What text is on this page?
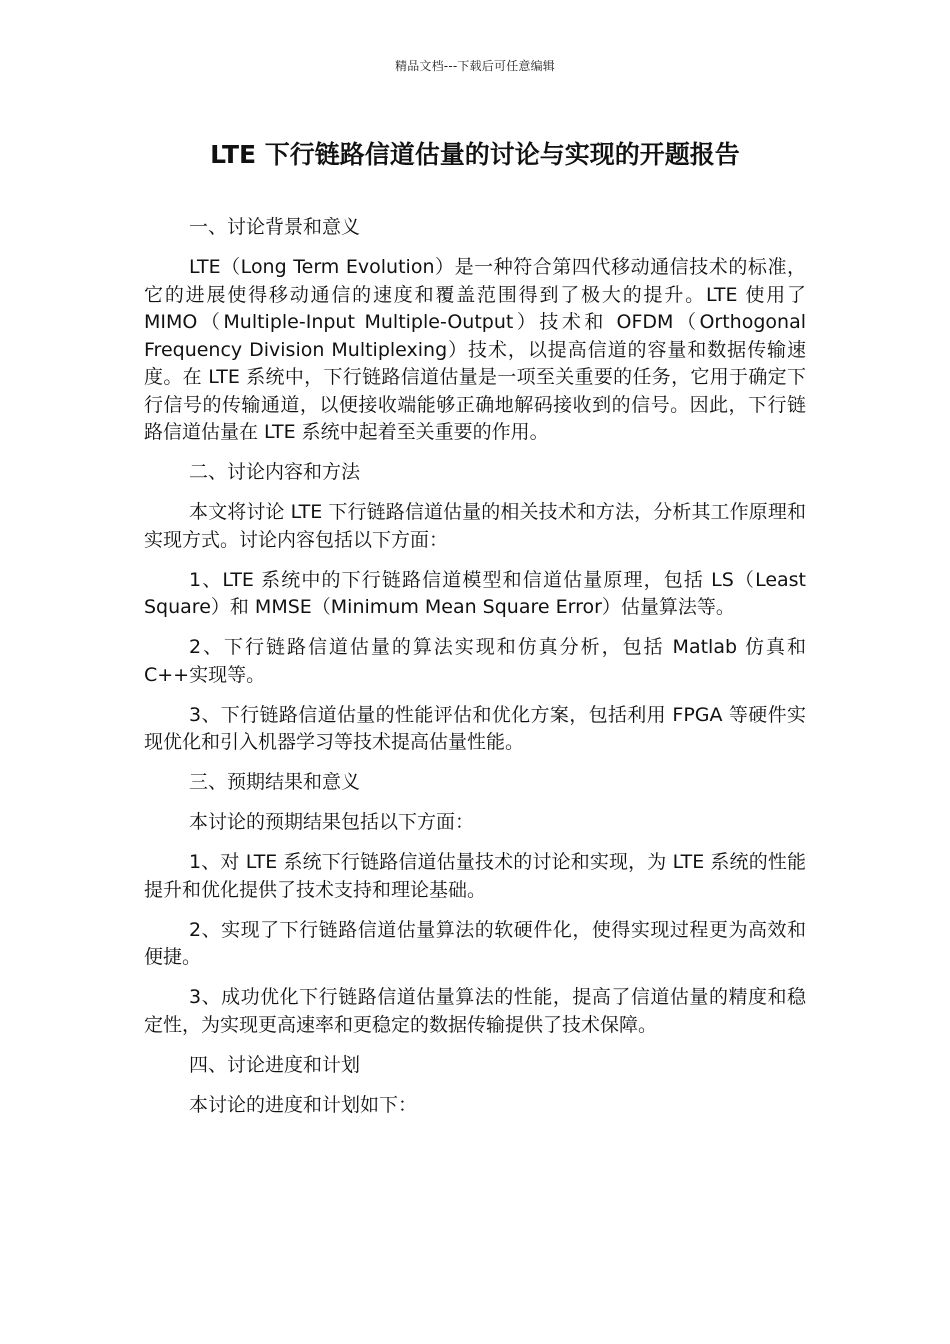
精品文档---下载后可任意编辑
LTE 下行链路信道估量的讨论与实现的开题报告

一、讨论背景和意义

LTE（Long Term Evolution）是一种符合第四代移动通信技术的标准，它的进展使得移动通信的速度和覆盖范围得到了极大的提升。LTE 使用了 MIMO（Multiple-Input Multiple-Output）技术和 OFDM（Orthogonal Frequency Division Multiplexing）技术，以提高信道的容量和数据传输速度。在 LTE 系统中，下行链路信道估量是一项至关重要的任务，它用于确定下行信号的传输通道，以便接收端能够正确地解码接收到的信号。因此，下行链路信道估量在 LTE 系统中起着至关重要的作用。

二、讨论内容和方法

本文将讨论 LTE 下行链路信道估量的相关技术和方法，分析其工作原理和实现方式。讨论内容包括以下方面：

1、LTE 系统中的下行链路信道模型和信道估量原理，包括 LS（Least Square）和 MMSE（Minimum Mean Square Error）估量算法等。

2、下行链路信道估量的算法实现和仿真分析，包括 Matlab 仿真和 C++实现等。

3、下行链路信道估量的性能评估和优化方案，包括利用 FPGA 等硬件实现优化和引入机器学习等技术提高估量性能。

三、预期结果和意义

本讨论的预期结果包括以下方面：

1、对 LTE 系统下行链路信道估量技术的讨论和实现，为 LTE 系统的性能提升和优化提供了技术支持和理论基础。

2、实现了下行链路信道估量算法的软硬件化，使得实现过程更为高效和便捷。

3、成功优化下行链路信道估量算法的性能，提高了信道估量的精度和稳定性，为实现更高速率和更稳定的数据传输提供了技术保障。

四、讨论进度和计划

本讨论的进度和计划如下：
